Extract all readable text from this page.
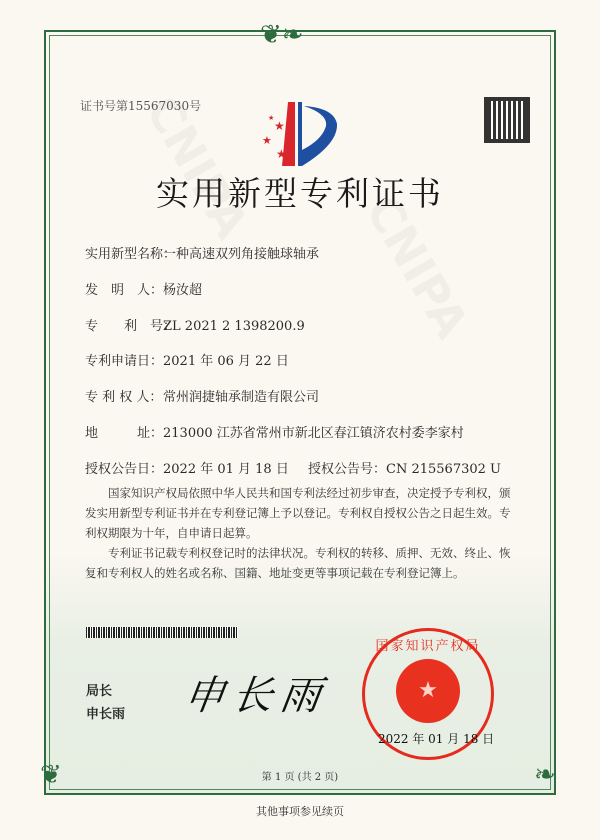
❦❧
❦	❧
证书号第15567030号
★
★
★
★
实用新型专利证书
实用新型名称：一种高速双列角接触球轴承
发　明　人：杨汝超
专　　利　号：ZL 2021 2 1398200.9
专利申请日：2021 年 06 月 22 日
专 利 权 人：常州润捷轴承制造有限公司
地　　　址：213000 江苏省常州市新北区春江镇济农村委李家村
授权公告日：2022 年 01 月 18 日 授权公告号：CN 215567302 U
国家知识产权局依照中华人民共和国专利法经过初步审查，决定授予专利权，颁发实用新型专利证书并在专利登记簿上予以登记。专利权自授权公告之日起生效。专利权期限为十年，自申请日起算。
专利证书记载专利权登记时的法律状况。专利权的转移、质押、无效、终止、恢复和专利权人的姓名或名称、国籍、地址变更等事项记载在专利登记簿上。
局长
申长雨 申长雨	★
国家知识产权局
2022 年 01 月 18 日
第 1 页 (共 2 页)
其他事项参见续页
